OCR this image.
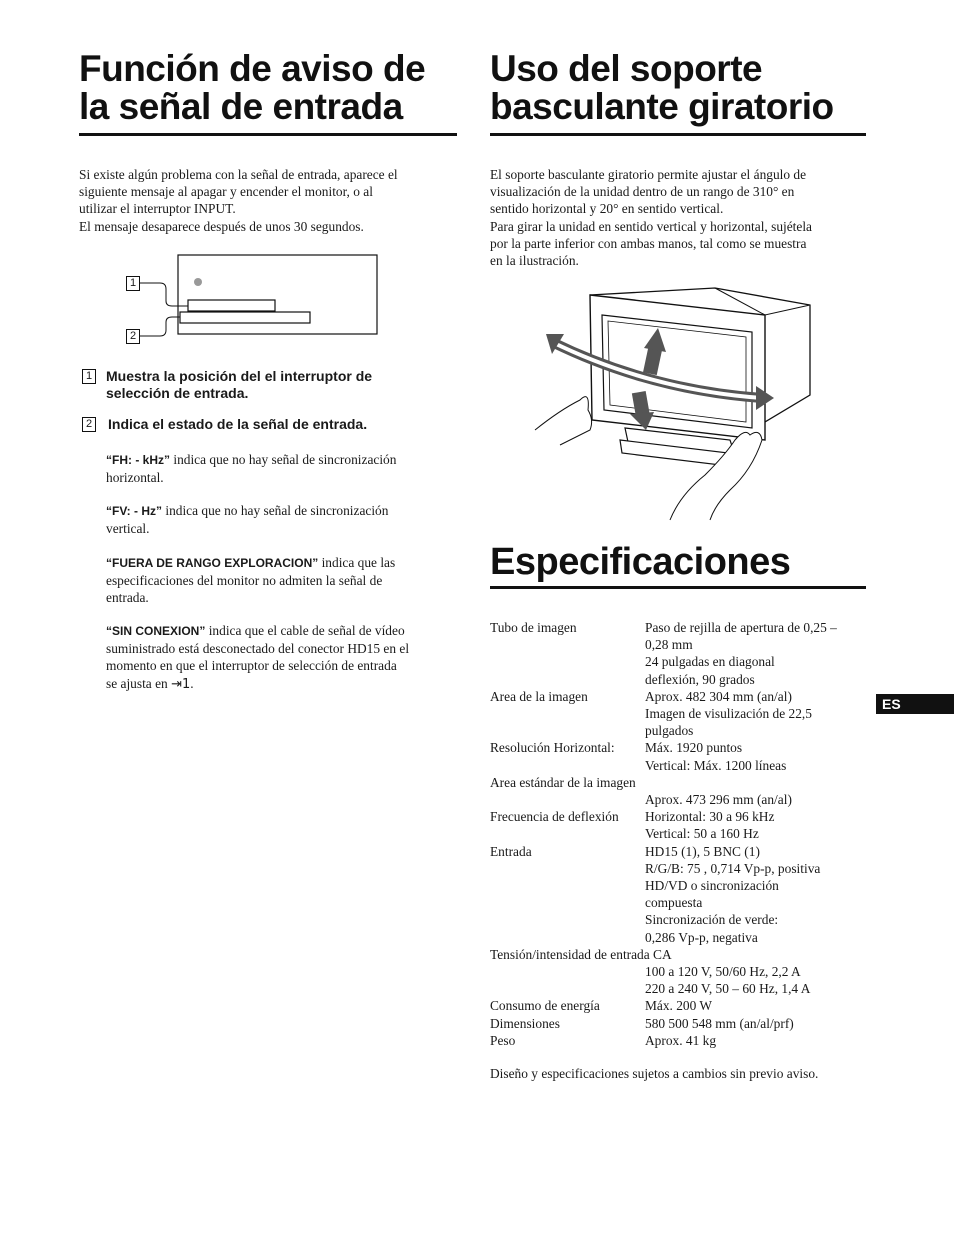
Función de aviso de
la señal de entrada
Si existe algún problema con la señal de entrada, aparece el
siguiente mensaje al apagar y encender el monitor, o al
utilizar el interruptor INPUT.
El mensaje desaparece después de unos 30 segundos.
1
2
1 Muestra la posición del el interruptor de
selección de entrada.
2 Indica el estado de la señal de entrada.
“FH: - kHz” indica que no hay señal de sincronización
horizontal.
“FV: - Hz” indica que no hay señal de sincronización
vertical.
“FUERA DE RANGO EXPLORACION” indica que las
especificaciones del monitor no admiten la señal de
entrada.
“SIN CONEXION” indica que el cable de señal de vídeo
suministrado está desconectado del conector HD15 en el
momento en que el interruptor de selección de entrada
se ajusta en ⇥1.
Uso del soporte
basculante giratorio
El soporte basculante giratorio permite ajustar el ángulo de
visualización de la unidad dentro de un rango de 310° en
sentido horizontal y 20° en sentido vertical.
Para girar la unidad en sentido vertical y horizontal, sujétela
por la parte inferior con ambas manos, tal como se muestra
en la ilustración.
Especificaciones
Tubo de imagen	Paso de rejilla de apertura de 0,25 –
0,28 mm
24 pulgadas en diagonal
deflexión, 90 grados
Area de la imagen	Aprox. 482 304 mm (an/al)
Imagen de visulización de 22,5
pulgados
Resolución Horizontal:	Máx. 1920 puntos
Vertical: Máx. 1200 líneas
Area estándar de la imagen
Aprox. 473 296 mm (an/al)
Frecuencia de deflexión	Horizontal: 30 a 96 kHz
Vertical: 50 a 160 Hz
Entrada	HD15 (1), 5 BNC (1)
R/G/B: 75 , 0,714 Vp-p, positiva
HD/VD o sincronización
compuesta
Sincronización de verde:
0,286 Vp-p, negativa
Tensión/intensidad de entrada CA
100 a 120 V, 50/60 Hz, 2,2 A
220 a 240 V, 50 – 60 Hz, 1,4 A
Consumo de energía	Máx. 200 W
Dimensiones	580 500 548 mm (an/al/prf)
Peso	Aprox. 41 kg
Diseño y especificaciones sujetos a cambios sin previo aviso.
ES
